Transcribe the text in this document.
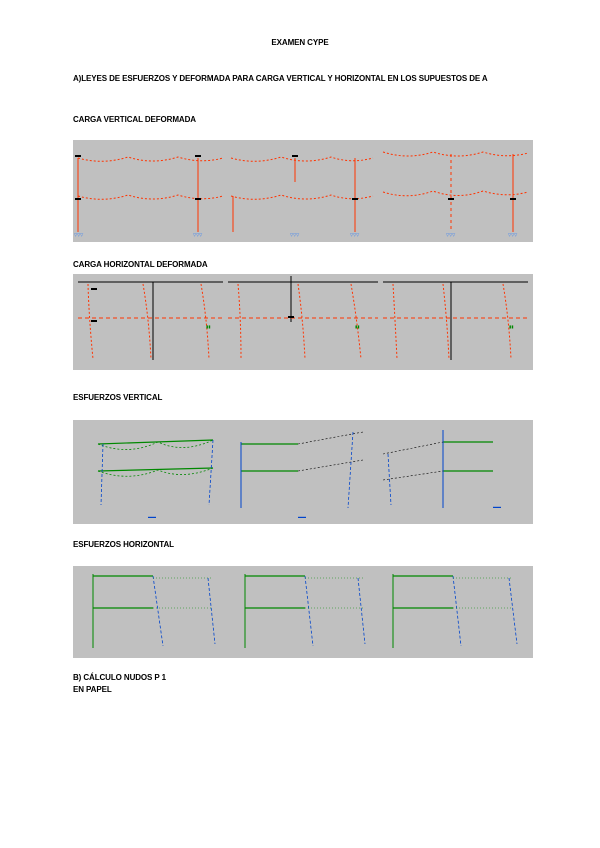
EXAMEN CYPE
A)LEYES DE ESFUERZOS Y DEFORMADA PARA CARGA VERTICAL Y HORIZONTAL EN LOS SUPUESTOS DE A
CARGA VERTICAL DEFORMADA
▽▽▽	▽▽▽	▽▽▽	▽▽▽	▽▽▽	▽▽▽
CARGA HORIZONTAL DEFORMADA
▮▮	▮▮	▮▮
ESFUERZOS VERTICAL
▬▬	▬▬
▬▬
ESFUERZOS HORIZONTAL
B) CÁLCULO NUDOS P 1
EN PAPEL
